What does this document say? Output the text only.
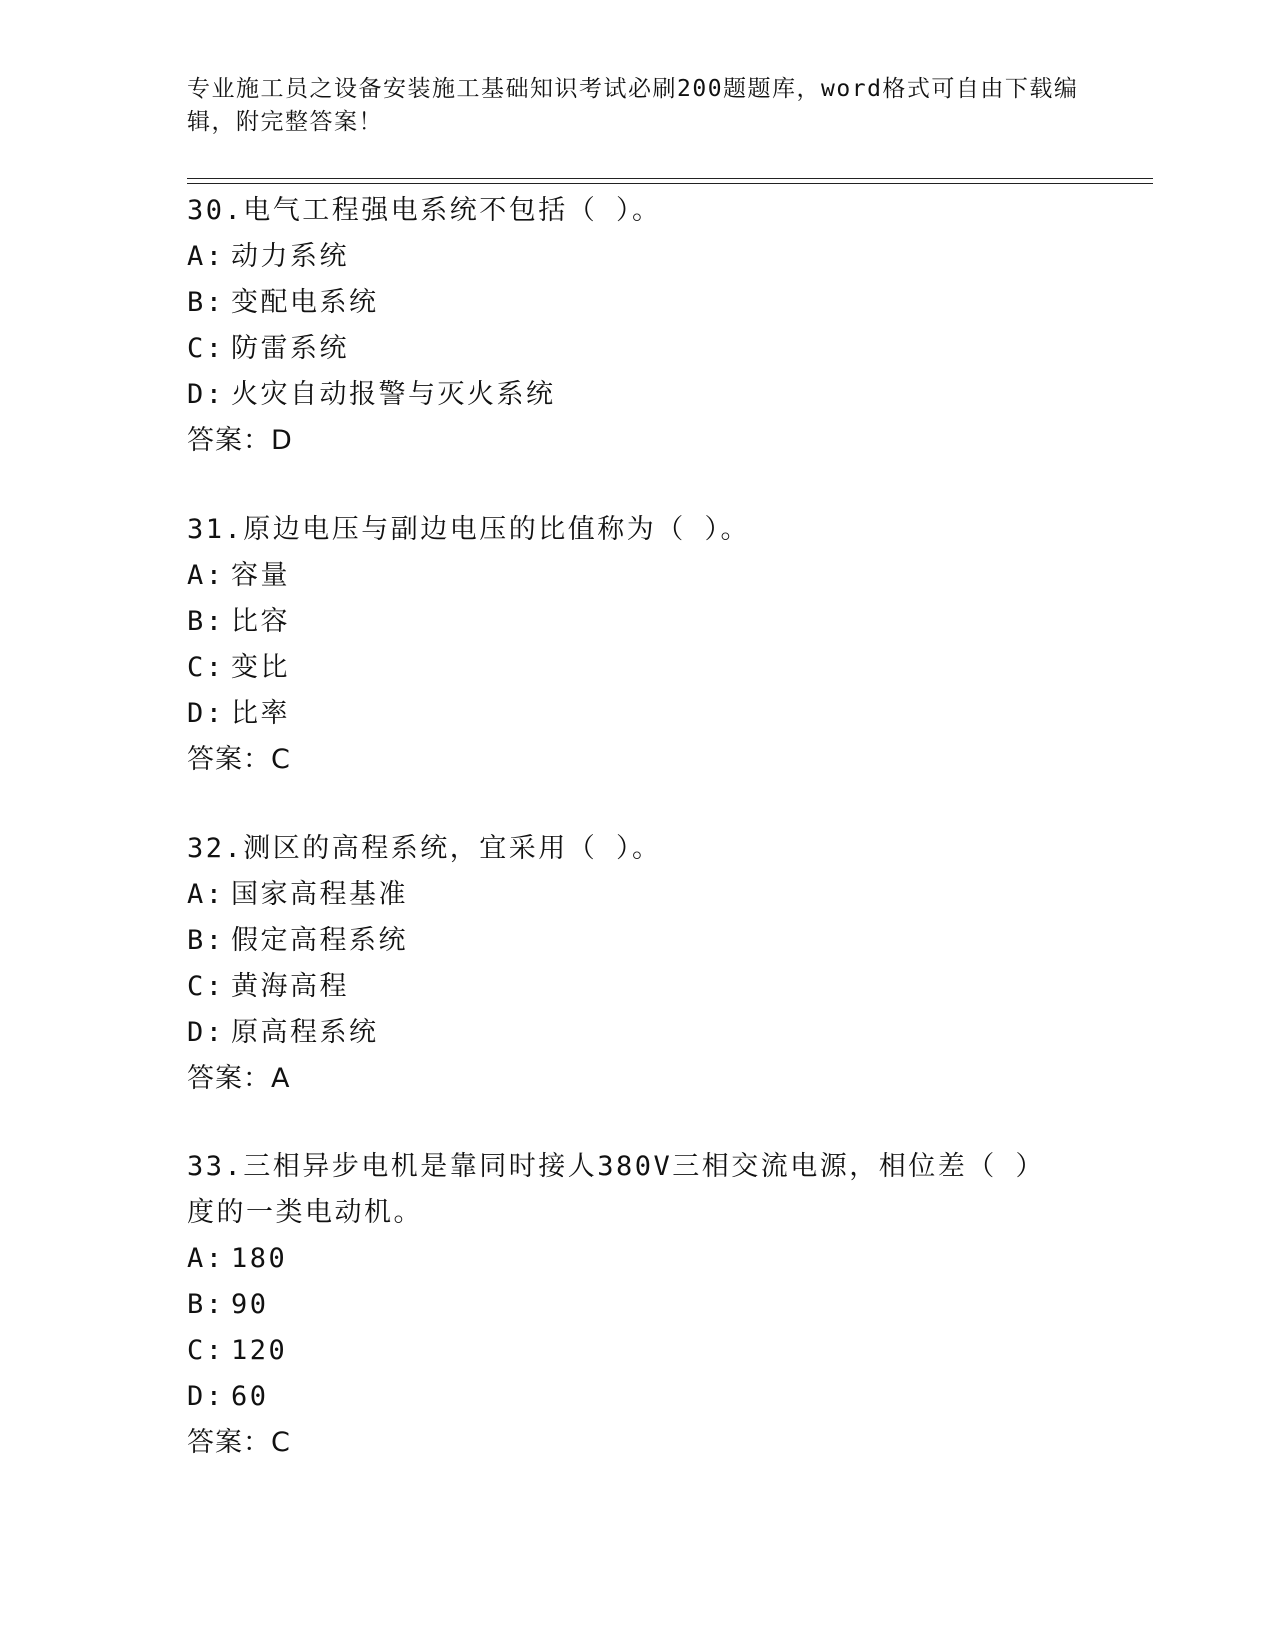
专业施工员之设备安装施工基础知识考试必刷200题题库，word格式可自由下载编辑，附完整答案！
30.电气工程强电系统不包括（ ）。
A: 动力系统
B: 变配电系统
C: 防雷系统
D: 火灾自动报警与灭火系统
答案：D
31.原边电压与副边电压的比值称为（ ）。
A: 容量
B: 比容
C: 变比
D: 比率
答案：C
32.测区的高程系统，宜采用（ ）。
A: 国家高程基准
B: 假定高程系统
C: 黄海高程
D: 原高程系统
答案：A
33.三相异步电机是靠同时接人380V三相交流电源，相位差（ ）度的一类电动机。
A: 180
B: 90
C: 120
D: 60
答案：C
